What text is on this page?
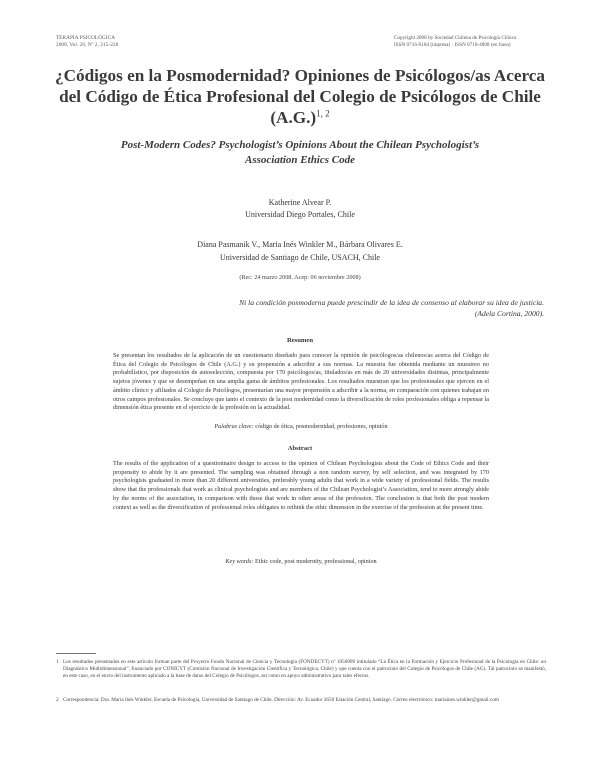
TERAPIA PSICOLÓGICA
2008, Vol. 26, Nº 2, 215-228
Copyright 2008 by Sociedad Chilena de Psicología Clínica
ISSN 0716-6184 (impresa) · ISSN 0718-4808 (en línea)
¿Códigos en la Posmodernidad? Opiniones de Psicólogos/as Acerca
del Código de Ética Profesional del Colegio de Psicólogos de Chile
$(A.G.)^{1, 2}$
Post-Modern Codes? Psychologist’s Opinions About the Chilean Psychologist’s
Association Ethics Code
Katherine Alvear P.
Universidad Diego Portales, Chile
Diana Pasmanik V., Maria Inés Winkler M., Bárbara Olivares E.
Universidad de Santiago de Chile, USACH, Chile
(Rec: 24 marzo 2008. Acep: 06 noviembre 2008)
Ni la condición posmoderna puede prescindir de la idea de consenso al elaborar su idea de justicia.
(Adela Cortina, 2000).
Resumen
Se presentan los resultados de la aplicación de un cuestionario diseñado para conocer la opinión de psicólogos/as chilenos/as acerca del Código de Ética del Colegio de Psicólogos de Chile (A.G.) y su propensión a adscribir a sus normas. La muestra fue obtenida mediante un muestreo no probabilístico, por disposición de autoselección, compuesta por 170 psicólogos/as, titulados/as en más de 20 universidades distintas, principalmente sujetos jóvenes y que se desempeñan en una amplia gama de ámbitos profesionales. Los resultados muestran que los profesionales que ejercen en el ámbito clínico y afiliados al Colegio de Psicólogos, presentarían una mayor propensión a adscribir a la norma, en comparación con quienes trabajan en otros campos profesionales. Se concluye que tanto el contexto de la post modernidad como la diversificación de roles profesionales obliga a repensar la dimensión ética presente en el ejercicio de la profesión en la actualidad.
Palabras clave: código de ética, posmodernidad, profesiones, opinión
Abstract
The results of the application of a questionnaire design to access to the opinion of Chilean Psychologists about the Code of Ethics Code and their propensity to abide by it are presented. The sampling was obtained through a non random survey, by self selection, and was integrated by 170 psychologists graduated in more than 20 different universities, preferably young adults that work in a wide variety of professional fields. The results show that the professionals that work as clinical psychologists and are members of the Chilean Psychologist’s Association, tend to more strongly abide by the norms of the association, in comparison with those that work in other areas of the profession. The conclusion is that both the post modern context as well as the diversification of professional roles obligates to rethink the ethic dimension in the exercise of the profession at the present time.
Key words: Ethic code, post modernity, professional, opinion
1 Los resultados presentados en este artículo forman parte del Proyecto Fondo Nacional de Ciencia y Tecnología (FONDECYT) nº 1050009 intitulado “La Ética en la Formación y Ejercicio Profesional de la Psicología en Chile: un Diagnóstico Multidimensional”, financiado por CONICYT (Comisión Nacional de Investigación Científica y Tecnológica, Chile) y que cuenta con el patrocinio del Colegio de Psicólogos de Chile (AG). Tal patrocinio se manifestó, en este caso, en el envío del instrumento aplicado a la base de datos del Colegio de Psicólogos, así como en apoyo administrativo para tales efectos.
2 Correspondencia: Dra. María Inés Winkler, Escuela de Psicología, Universidad de Santiago de Chile. Dirección: Av. Ecuador 3650 Estación Central, Santiago. Correo electrónico: mariaines.winkler@gmail.com
